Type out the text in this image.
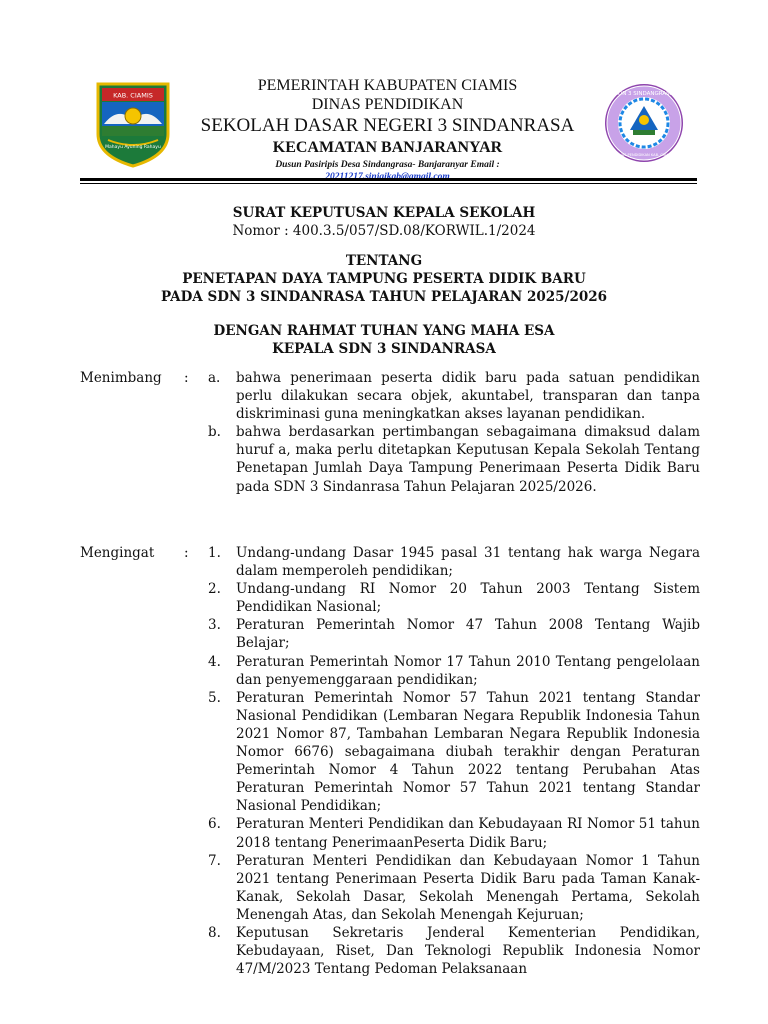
KAB. CIAMIS
Mahayu Ayuning Rahayu
PEMERINTAH KABUPATEN CIAMIS
DINAS PENDIDIKAN
SEKOLAH DASAR NEGERI 3 SINDANRASA
KECAMATAN BANJARANYAR
Dusun Pasiripis Desa Sindangrasa- Banjaranyar Email :
20211217.sinjaikab@gmail.com
SDN 3 SINDANGRASA
DINAS PENDIDIKAN KAB. CIAMIS
SURAT KEPUTUSAN KEPALA SEKOLAH
Nomor : 400.3.5/057/SD.08/KORWIL.1/2024
TENTANG
PENETAPAN DAYA TAMPUNG PESERTA DIDIK BARU
PADA SDN 3 SINDANRASA TAHUN PELAJARAN 2025/2026
DENGAN RAHMAT TUHAN YANG MAHA ESA
KEPALA SDN 3 SINDANRASA
Menimbang	:	a.	bahwa penerimaan peserta didik baru pada satuan pendidikan perlu dilakukan secara objek, akuntabel, transparan dan tanpa diskriminasi guna meningkatkan akses layanan pendidikan.
b.	bahwa berdasarkan pertimbangan sebagaimana dimaksud dalam huruf a, maka perlu ditetapkan Keputusan Kepala Sekolah Tentang Penetapan Jumlah Daya Tampung Penerimaan Peserta Didik Baru pada SDN 3 Sindanrasa Tahun Pelajaran 2025/2026.
Mengingat	:	1.	Undang-undang Dasar 1945 pasal 31 tentang hak warga Negara dalam memperoleh pendidikan;
2.	Undang-undang RI Nomor 20 Tahun 2003 Tentang Sistem Pendidikan Nasional;
3.	Peraturan Pemerintah Nomor 47 Tahun 2008 Tentang Wajib Belajar;
4.	Peraturan Pemerintah Nomor 17 Tahun 2010 Tentang pengelolaan dan penyemenggaraan pendidikan;
5.	Peraturan Pemerintah Nomor 57 Tahun 2021 tentang Standar Nasional Pendidikan (Lembaran Negara Republik Indonesia Tahun 2021 Nomor 87, Tambahan Lembaran Negara Republik Indonesia Nomor 6676) sebagaimana diubah terakhir dengan Peraturan Pemerintah Nomor 4 Tahun 2022 tentang Perubahan Atas Peraturan Pemerintah Nomor 57 Tahun 2021 tentang Standar Nasional Pendidikan;
6.	Peraturan Menteri Pendidikan dan Kebudayaan RI Nomor 51 tahun 2018 tentang PenerimaanPeserta Didik Baru;
7.	Peraturan Menteri Pendidikan dan Kebudayaan Nomor 1 Tahun 2021 tentang Penerimaan Peserta Didik Baru pada Taman Kanak-Kanak, Sekolah Dasar, Sekolah Menengah Pertama, Sekolah Menengah Atas, dan Sekolah Menengah Kejuruan;
8.	Keputusan Sekretaris Jenderal Kementerian Pendidikan, Kebudayaan, Riset, Dan Teknologi Republik Indonesia Nomor 47/M/2023 Tentang Pedoman Pelaksanaan
